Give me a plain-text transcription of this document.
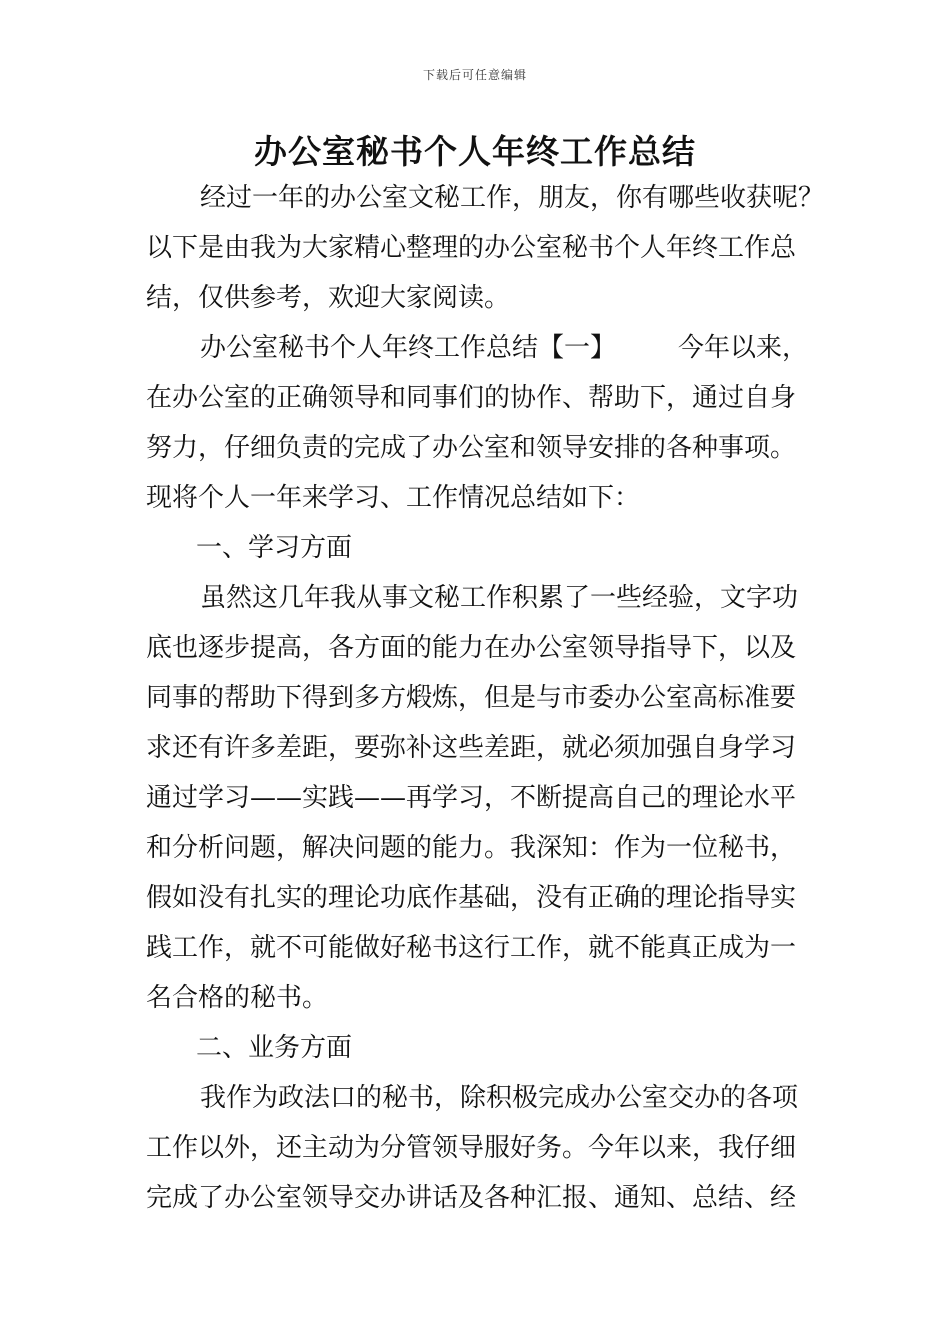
下载后可任意编辑
办公室秘书个人年终工作总结
经过一年的办公室文秘工作，朋友，你有哪些收获呢？
以下是由我为大家精心整理的办公室秘书个人年终工作总
结，仅供参考，欢迎大家阅读。
办公室秘书个人年终工作总结【一】 今年以来，
在办公室的正确领导和同事们的协作、帮助下，通过自身
努力，仔细负责的完成了办公室和领导安排的各种事项。
现将个人一年来学习、工作情况总结如下：
一、学习方面
虽然这几年我从事文秘工作积累了一些经验，文字功
底也逐步提高，各方面的能力在办公室领导指导下，以及
同事的帮助下得到多方煅炼，但是与市委办公室高标准要
求还有许多差距，要弥补这些差距，就必须加强自身学习
通过学习——实践——再学习，不断提高自己的理论水平
和分析问题，解决问题的能力。我深知：作为一位秘书，
假如没有扎实的理论功底作基础，没有正确的理论指导实
践工作，就不可能做好秘书这行工作，就不能真正成为一
名合格的秘书。
二、业务方面
我作为政法口的秘书，除积极完成办公室交办的各项
工作以外，还主动为分管领导服好务。今年以来，我仔细
完成了办公室领导交办讲话及各种汇报、通知、总结、经
